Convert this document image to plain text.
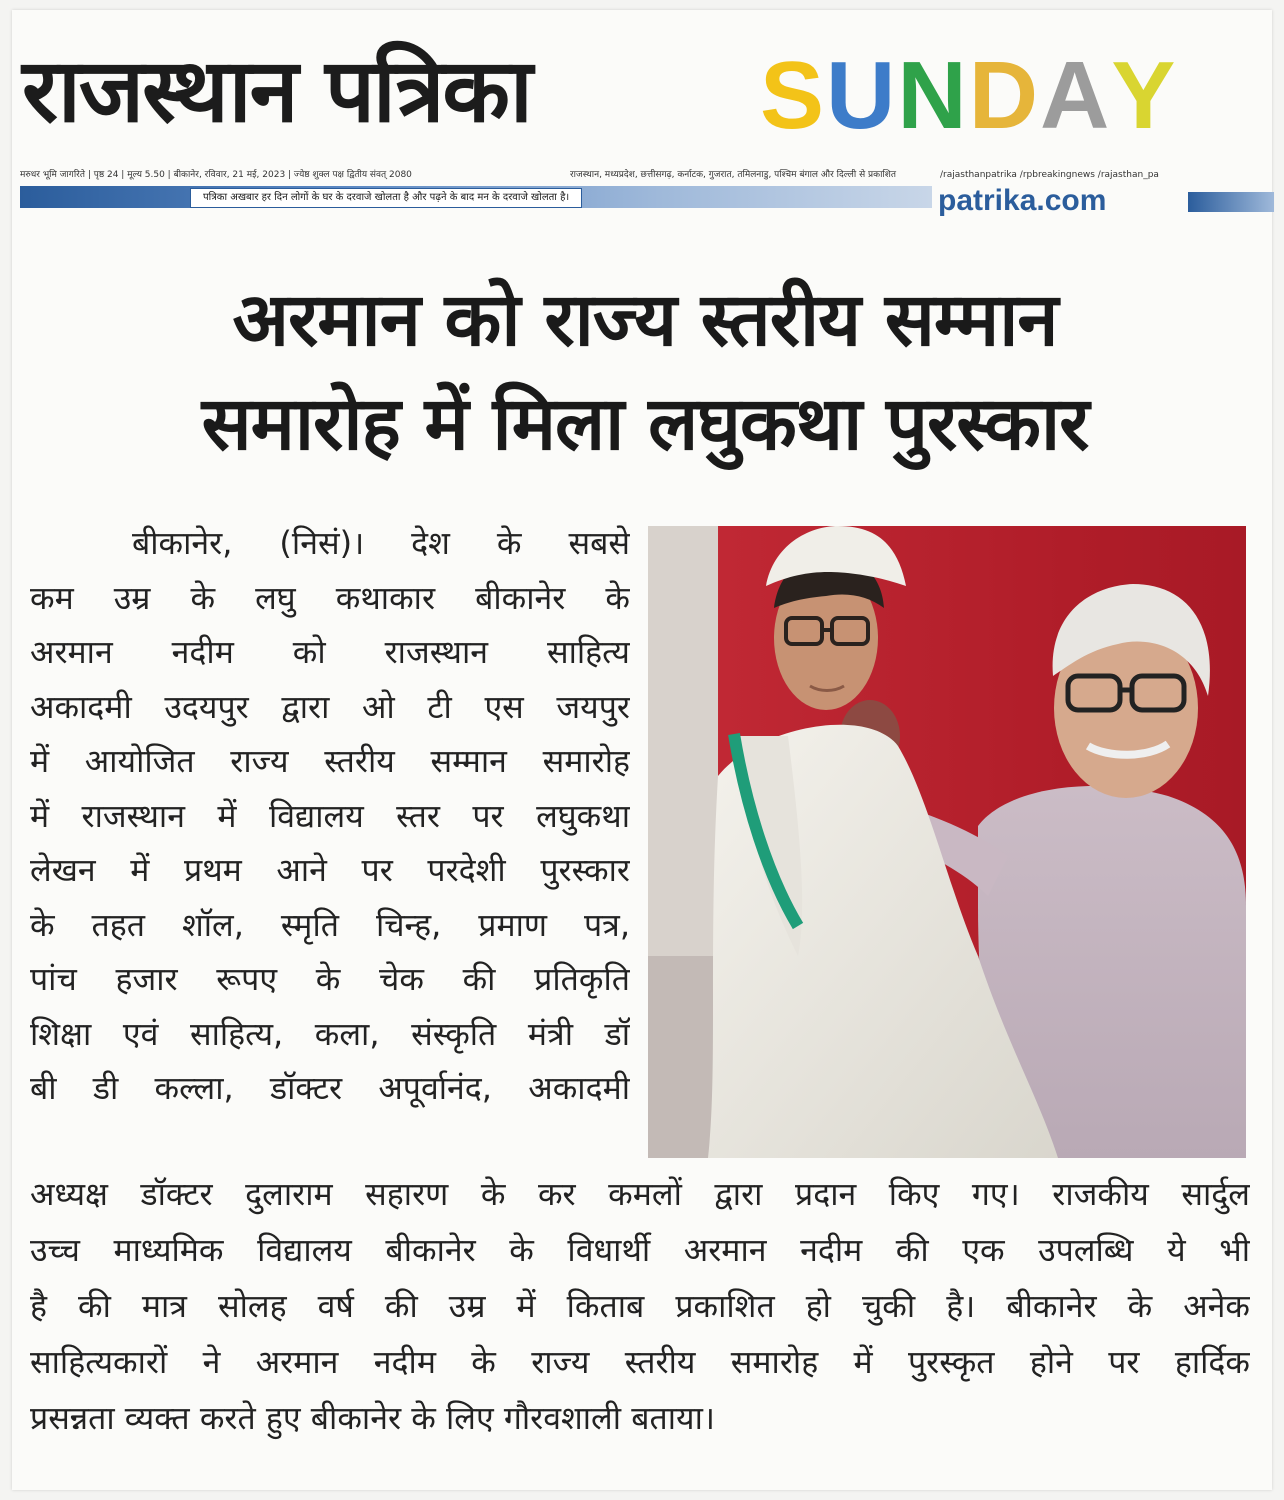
राजस्थान पत्रिका SUNDAY
मरुधर भूमि जागरिते | पृष्ठ 24 | मूल्य 5.50 | बीकानेर, रविवार, 21 मई, 2023 | ज्येष्ठ शुक्ल पक्ष द्वितीय संवत् 2080	राजस्थान, मध्यप्रदेश, छत्तीसगढ़, कर्नाटक, गुजरात, तमिलनाडु, पश्चिम बंगाल और दिल्ली से प्रकाशित	/rajasthanpatrika /rpbreakingnews /rajasthan_pa
पत्रिका अखबार हर दिन लोगों के घर के दरवाजे खोलता है और पढ़ने के बाद मन के दरवाजे खोलता है।	patrika.com
अरमान को राज्य स्तरीय सम्मान
समारोह में मिला लघुकथा पुरस्कार
बीकानेर, (निसं)। देश के सबसे
कम उम्र के लघु कथाकार बीकानेर के
अरमान नदीम को राजस्थान साहित्य
अकादमी उदयपुर द्वारा ओ टी एस जयपुर
में आयोजित राज्य स्तरीय सम्मान समारोह
में राजस्थान में विद्यालय स्तर पर लघुकथा
लेखन में प्रथम आने पर परदेशी पुरस्कार
के तहत शॉल, स्मृति चिन्ह, प्रमाण पत्र,
पांच हजार रूपए के चेक की प्रतिकृति
शिक्षा एवं साहित्य, कला, संस्कृति मंत्री डॉ
बी डी कल्ला, डॉक्टर अपूर्वानंद, अकादमी
अध्यक्ष डॉक्टर दुलाराम सहारण के कर कमलों द्वारा प्रदान किए गए। राजकीय सार्दुल
उच्च माध्यमिक विद्यालय बीकानेर के विधार्थी अरमान नदीम की एक उपलब्धि ये भी
है की मात्र सोलह वर्ष की उम्र में किताब प्रकाशित हो चुकी है। बीकानेर के अनेक
साहित्यकारों ने अरमान नदीम के राज्य स्तरीय समारोह में पुरस्कृत होने पर हार्दिक
प्रसन्नता व्यक्त करते हुए बीकानेर के लिए गौरवशाली बताया।
